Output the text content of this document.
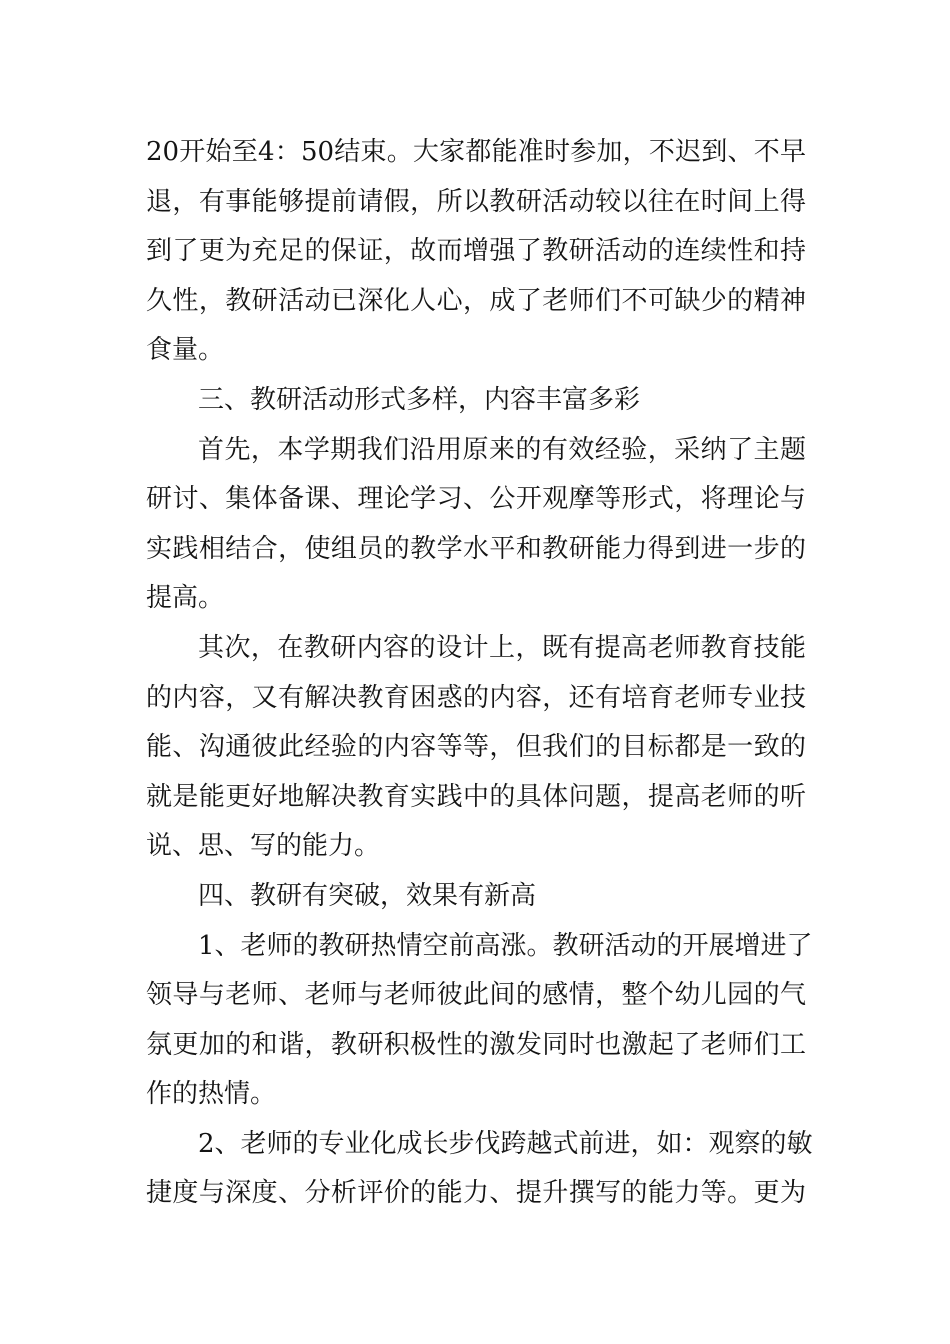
20开始至4：50结束。大家都能准时参加，不迟到、不早
退，有事能够提前请假，所以教研活动较以往在时间上得
到了更为充足的保证，故而增强了教研活动的连续性和持
久性，教研活动已深化人心，成了老师们不可缺少的精神
食量。
三、教研活动形式多样，内容丰富多彩
首先，本学期我们沿用原来的有效经验，采纳了主题
研讨、集体备课、理论学习、公开观摩等形式，将理论与
实践相结合，使组员的教学水平和教研能力得到进一步的
提高。
其次，在教研内容的设计上，既有提高老师教育技能
的内容，又有解决教育困惑的内容，还有培育老师专业技
能、沟通彼此经验的内容等等，但我们的目标都是一致的
就是能更好地解决教育实践中的具体问题，提高老师的听
说、思、写的能力。
四、教研有突破，效果有新高
1、老师的教研热情空前高涨。教研活动的开展增进了
领导与老师、老师与老师彼此间的感情，整个幼儿园的气
氛更加的和谐，教研积极性的激发同时也激起了老师们工
作的热情。
2、老师的专业化成长步伐跨越式前进，如：观察的敏
捷度与深度、分析评价的能力、提升撰写的能力等。更为
